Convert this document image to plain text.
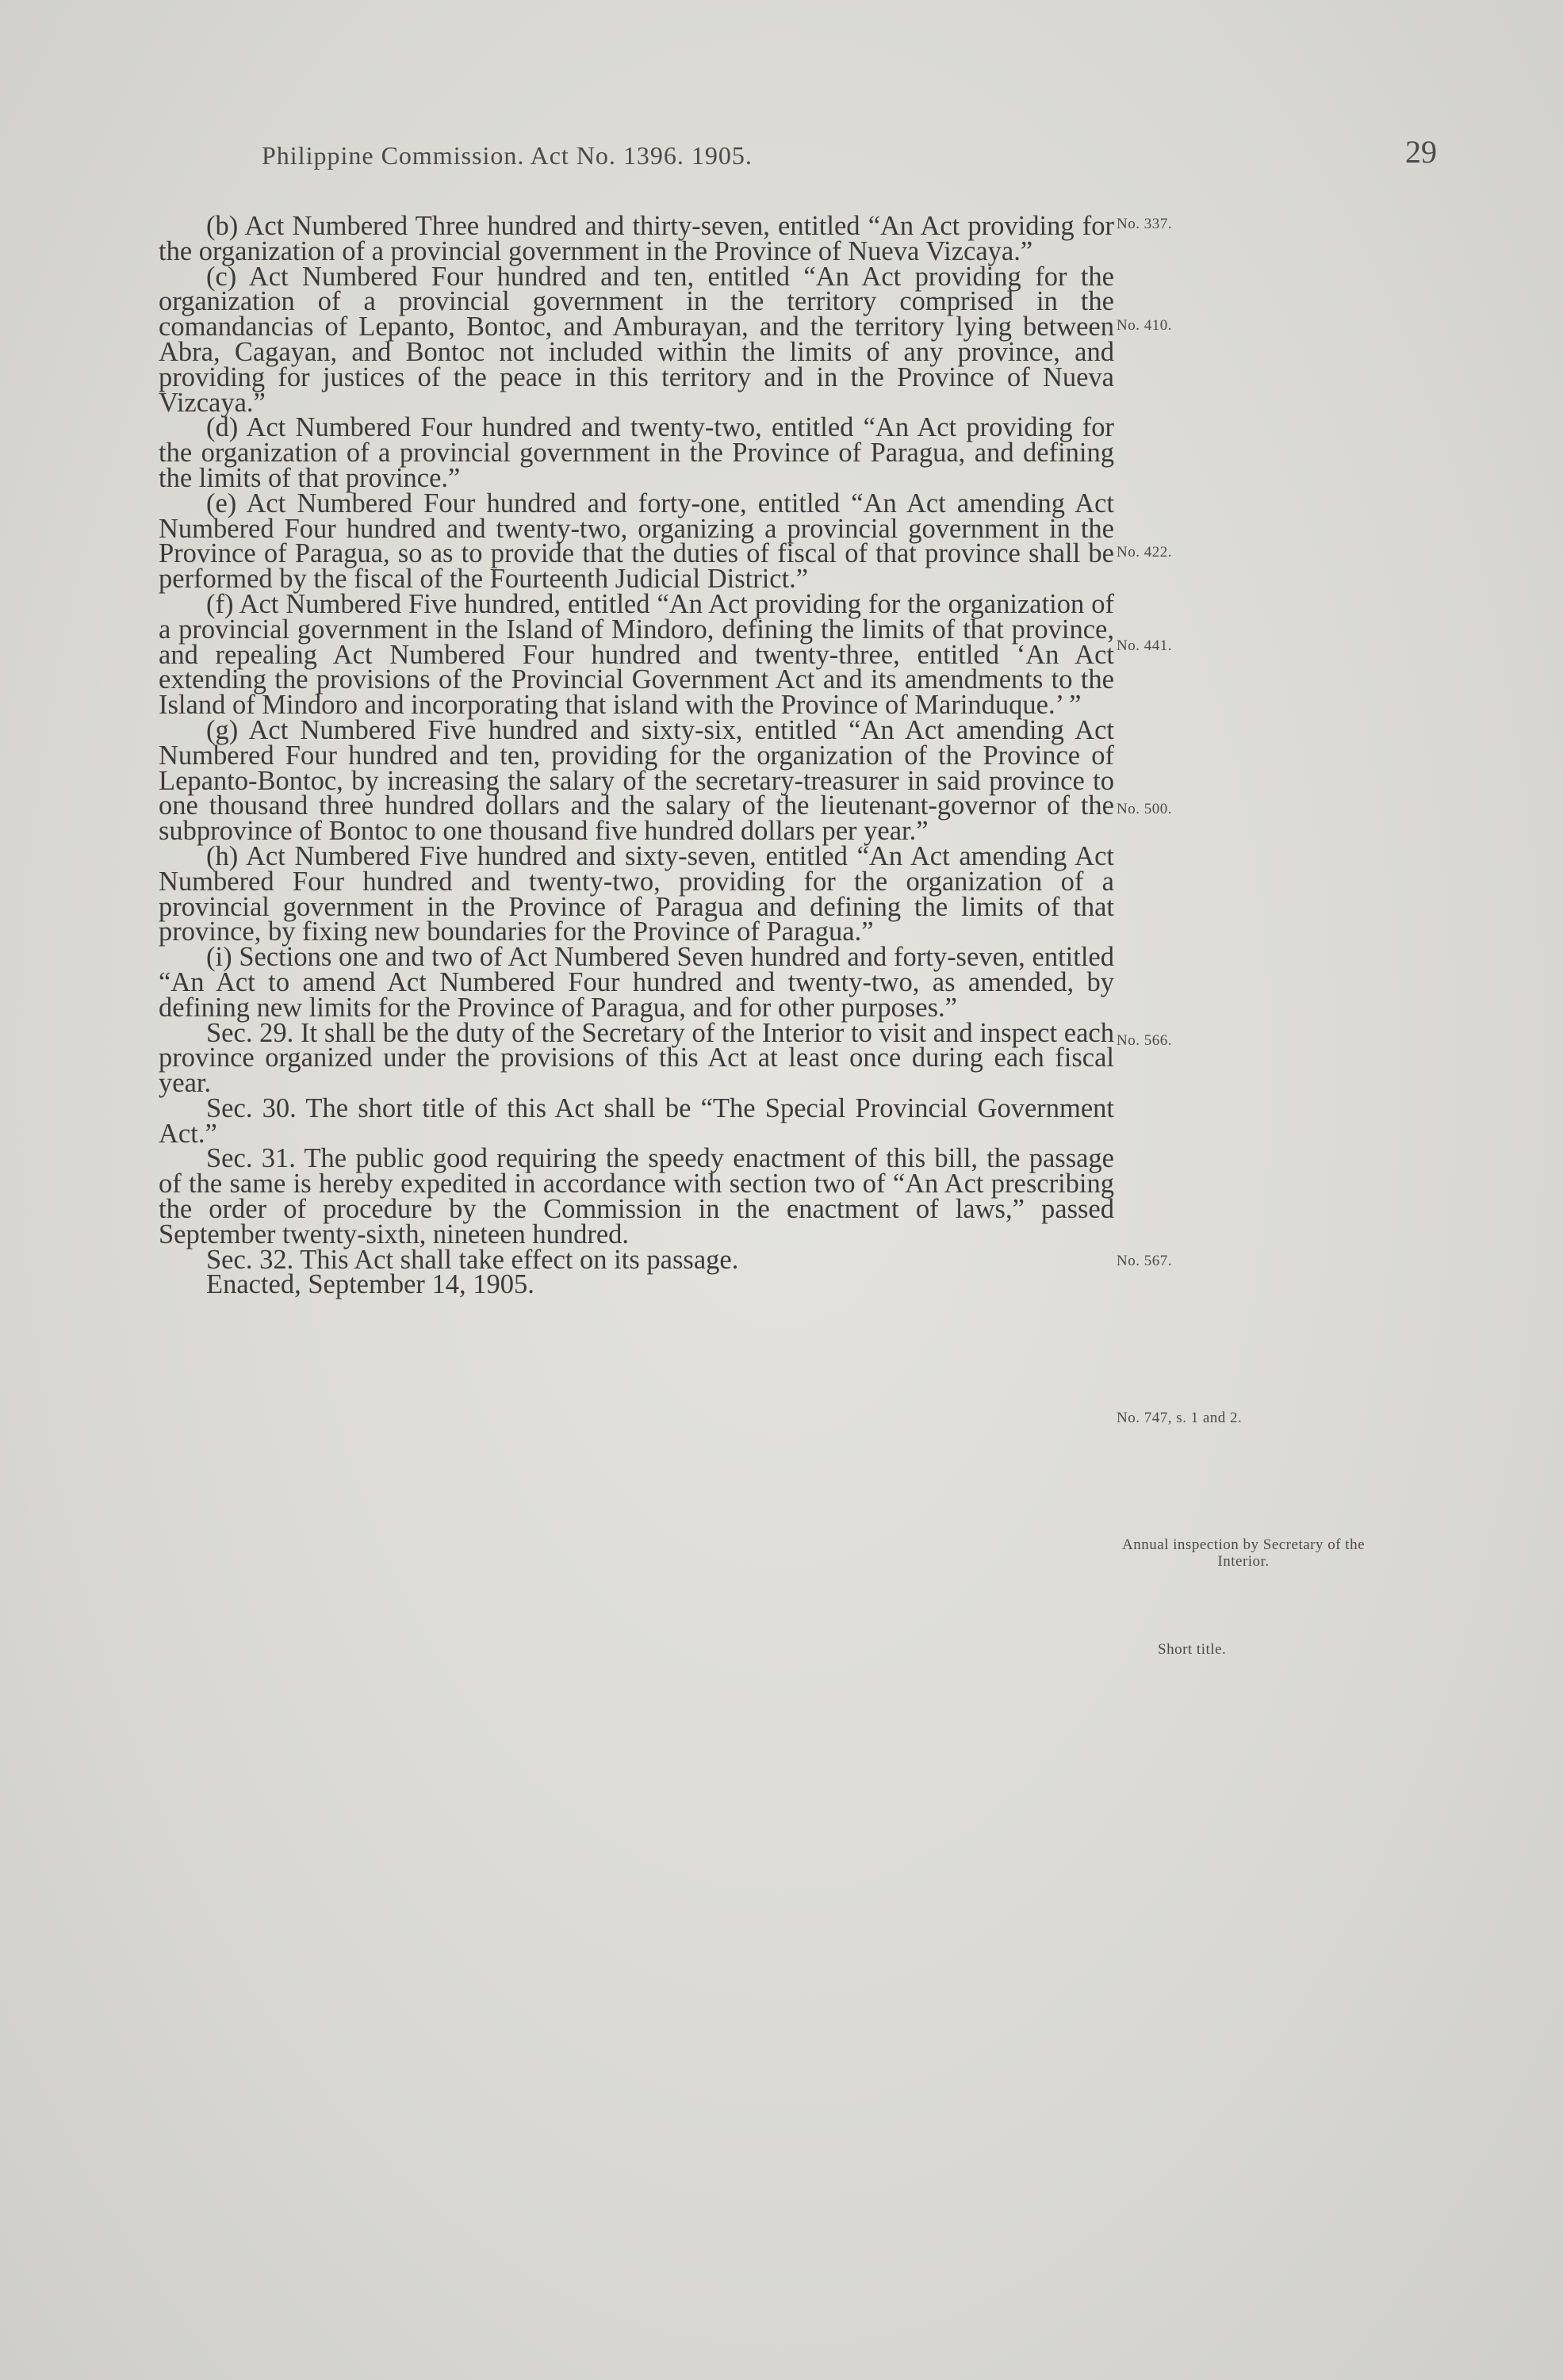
Philippine Commission. Act No. 1396. 1905.	29

(b) Act Numbered Three hundred and thirty-seven, entitled “An Act providing for the organization of a provincial government in the Province of Nueva Vizcaya.”

(c) Act Numbered Four hundred and ten, entitled “An Act providing for the organization of a provincial government in the territory comprised in the comandancias of Lepanto, Bontoc, and Amburayan, and the territory lying between Abra, Cagayan, and Bontoc not included within the limits of any province, and providing for justices of the peace in this territory and in the Province of Nueva Vizcaya.”

(d) Act Numbered Four hundred and twenty-two, entitled “An Act providing for the organization of a provincial government in the Province of Paragua, and defining the limits of that province.”

(e) Act Numbered Four hundred and forty-one, entitled “An Act amending Act Numbered Four hundred and twenty-two, organizing a provincial government in the Province of Paragua, so as to provide that the duties of fiscal of that province shall be performed by the fiscal of the Fourteenth Judicial District.”

(f) Act Numbered Five hundred, entitled “An Act providing for the organization of a provincial government in the Island of Mindoro, defining the limits of that province, and repealing Act Numbered Four hundred and twenty-three, entitled ‘An Act extending the provisions of the Provincial Government Act and its amendments to the Island of Mindoro and incorporating that island with the Province of Marinduque.’ ”

(g) Act Numbered Five hundred and sixty-six, entitled “An Act amending Act Numbered Four hundred and ten, providing for the organization of the Province of Lepanto-Bontoc, by increasing the salary of the secretary-treasurer in said province to one thousand three hundred dollars and the salary of the lieutenant-governor of the subprovince of Bontoc to one thousand five hundred dollars per year.”

(h) Act Numbered Five hundred and sixty-seven, entitled “An Act amending Act Numbered Four hundred and twenty-two, providing for the organization of a provincial government in the Province of Paragua and defining the limits of that province, by fixing new boundaries for the Province of Paragua.”

(i) Sections one and two of Act Numbered Seven hundred and forty-seven, entitled “An Act to amend Act Numbered Four hundred and twenty-two, as amended, by defining new limits for the Province of Paragua, and for other purposes.”

Sec. 29. It shall be the duty of the Secretary of the Interior to visit and inspect each province organized under the provisions of this Act at least once during each fiscal year.

Sec. 30. The short title of this Act shall be “The Special Provincial Government Act.”

Sec. 31. The public good requiring the speedy enactment of this bill, the passage of the same is hereby expedited in accordance with section two of “An Act prescribing the order of procedure by the Commission in the enactment of laws,” passed September twenty-sixth, nineteen hundred.

Sec. 32. This Act shall take effect on its passage.

Enacted, September 14, 1905.

No. 337.
No. 410.
No. 422.
No. 441.
No. 500.
No. 566.
No. 567.
No. 747, s. 1 and 2.
Annual inspection by Secretary of the Interior.
Short title.
